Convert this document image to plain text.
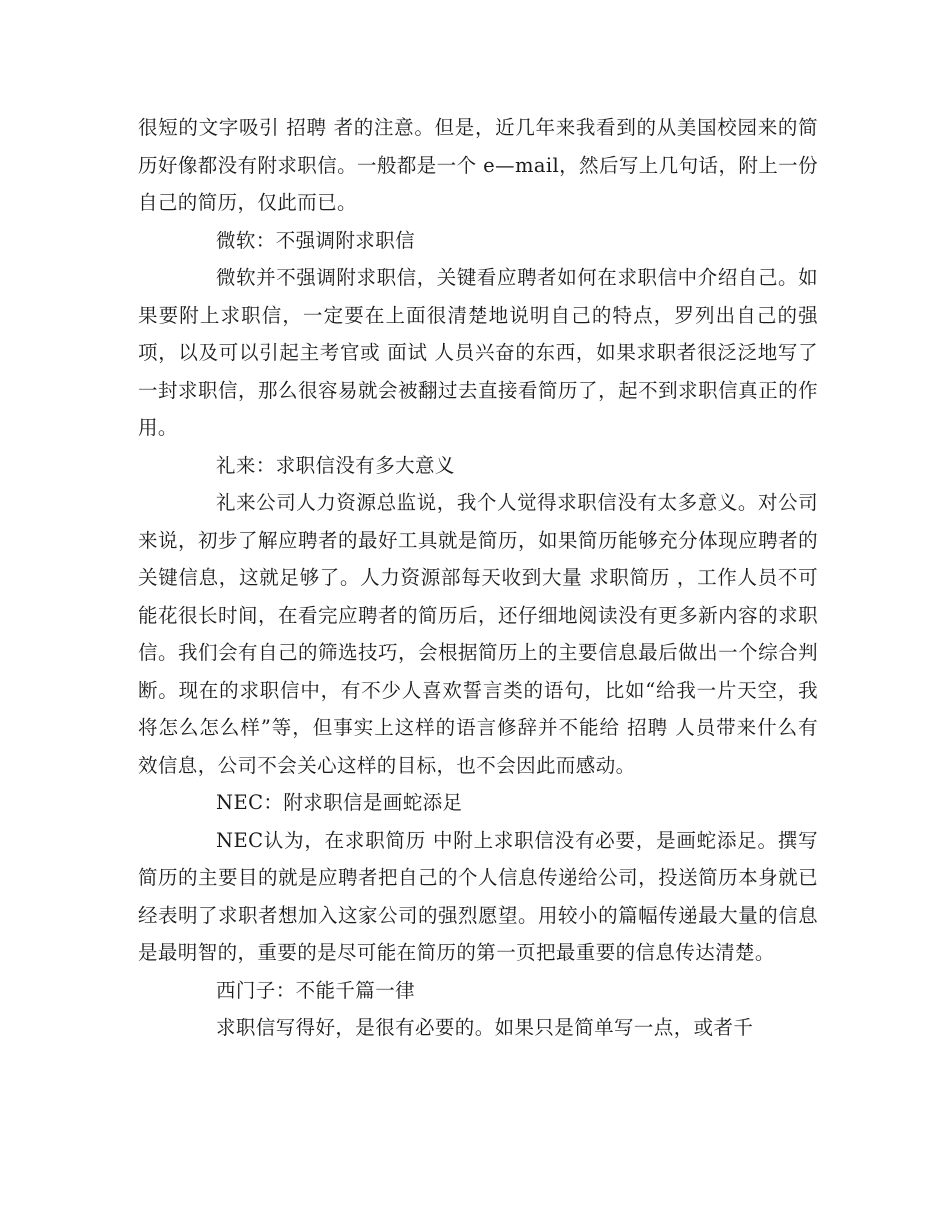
很短的文字吸引 招聘 者的注意。但是，近几年来我看到的从美国校园来的简历好像都没有附求职信。一般都是一个 e—mail，然后写上几句话，附上一份自己的简历，仅此而已。

微软：不强调附求职信

微软并不强调附求职信，关键看应聘者如何在求职信中介绍自己。如果要附上求职信，一定要在上面很清楚地说明自己的特点，罗列出自己的强项，以及可以引起主考官或 面试 人员兴奋的东西，如果求职者很泛泛地写了一封求职信，那么很容易就会被翻过去直接看简历了，起不到求职信真正的作用。

礼来：求职信没有多大意义

礼来公司人力资源总监说，我个人觉得求职信没有太多意义。对公司来说，初步了解应聘者的最好工具就是简历，如果简历能够充分体现应聘者的关键信息，这就足够了。人力资源部每天收到大量 求职简历 ，工作人员不可能花很长时间，在看完应聘者的简历后，还仔细地阅读没有更多新内容的求职信。我们会有自己的筛选技巧，会根据简历上的主要信息最后做出一个综合判断。现在的求职信中，有不少人喜欢誓言类的语句，比如“给我一片天空，我将怎么怎么样”等，但事实上这样的语言修辞并不能给 招聘 人员带来什么有效信息，公司不会关心这样的目标，也不会因此而感动。

NEC：附求职信是画蛇添足

NEC认为，在求职简历 中附上求职信没有必要，是画蛇添足。撰写简历的主要目的就是应聘者把自己的个人信息传递给公司，投送简历本身就已经表明了求职者想加入这家公司的强烈愿望。用较小的篇幅传递最大量的信息是最明智的，重要的是尽可能在简历的第一页把最重要的信息传达清楚。

西门子：不能千篇一律

求职信写得好，是很有必要的。如果只是简单写一点，或者千
